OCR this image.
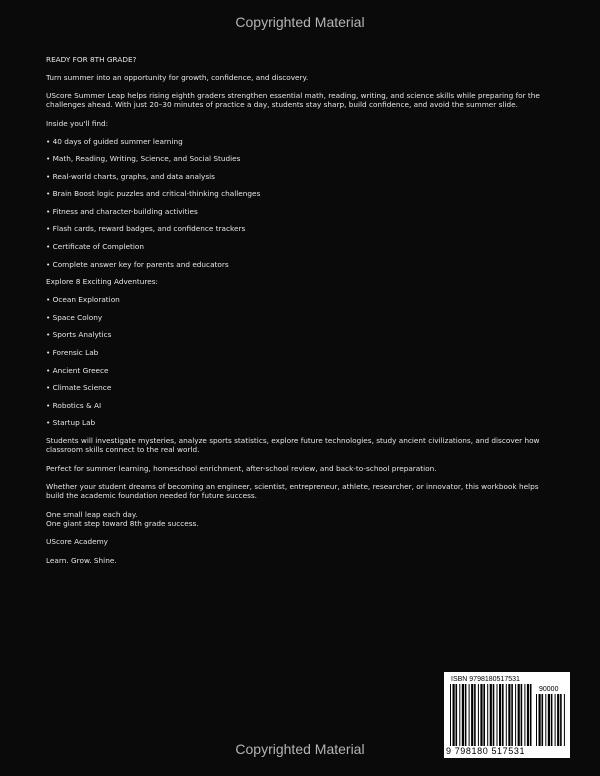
Copyrighted Material

READY FOR 8TH GRADE?

Turn summer into an opportunity for growth, confidence, and discovery.

UScore Summer Leap helps rising eighth graders strengthen essential math, reading, writing, and science skills while preparing for the challenges ahead. With just 20–30 minutes of practice a day, students stay sharp, build confidence, and avoid the summer slide.

Inside you'll find:

• 40 days of guided summer learning
• Math, Reading, Writing, Science, and Social Studies
• Real-world charts, graphs, and data analysis
• Brain Boost logic puzzles and critical-thinking challenges
• Fitness and character-building activities
• Flash cards, reward badges, and confidence trackers
• Certificate of Completion
• Complete answer key for parents and educators

Explore 8 Exciting Adventures:

• Ocean Exploration
• Space Colony
• Sports Analytics
• Forensic Lab
• Ancient Greece
• Climate Science
• Robotics & AI
• Startup Lab

Students will investigate mysteries, analyze sports statistics, explore future technologies, study ancient civilizations, and discover how classroom skills connect to the real world.

Perfect for summer learning, homeschool enrichment, after-school review, and back-to-school preparation.

Whether your student dreams of becoming an engineer, scientist, entrepreneur, athlete, researcher, or innovator, this workbook helps build the academic foundation needed for future success.

One small leap each day.

One giant step toward 8th grade success.

UScore Academy

Learn. Grow. Shine.

ISBN 9798180517531
90000
9 798180 517531
Copyrighted Material
